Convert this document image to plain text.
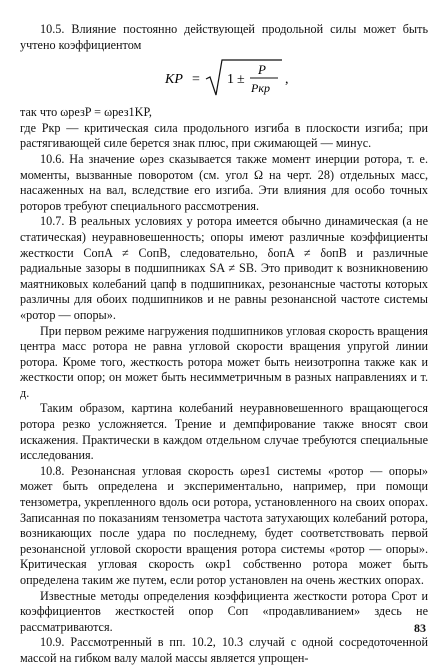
10.5. Влияние постоянно действующей продольной силы может быть учтено коэффициентом

KP = 1 ±
P
Pкр
,

так что ωрезP = ωрез1KP,

где Pкр — критическая сила продольного изгиба в плоскости изгиба; при растягивающей силе берется знак плюс, при сжимающей — минус.

10.6. На значение ωрез сказывается также момент инерции ротора, т. е. моменты, вызванные поворотом (см. угол Ω на черт. 28) отдельных масс, насаженных на вал, вследствие его изгиба. Эти влияния для особо точных роторов требуют специального рассмотрения.

10.7. В реальных условиях у ротора имеется обычно динамическая (а не статическая) неуравновешенность; опоры имеют различные коэффициенты жесткости CопA ≠ CопB, следовательно, δопA ≠ δопB и различные радиальные зазоры в подшипниках SA ≠ SB. Это приводит к возникновению маятниковых колебаний цапф в подшипниках, резонансные частоты которых различны для обоих подшипников и не равны резонансной частоте системы «ротор — опоры».

При первом режиме нагружения подшипников угловая скорость вращения центра масс ротора не равна угловой скорости вращения упругой линии ротора. Кроме того, жесткость ротора может быть неизотропна также как и жесткости опор; он может быть несимметричным в разных направлениях и т. д.

Таким образом, картина колебаний неуравновешенного вращающегося ротора резко усложняется. Трение и демпфирование также вносят свои искажения. Практически в каждом отдельном случае требуются специальные исследования.

10.8. Резонансная угловая скорость ωрез1 системы «ротор — опоры» может быть определена и экспериментально, например, при помощи тензометра, укрепленного вдоль оси ротора, установленного на своих опорах. Записанная по показаниям тензометра частота затухающих колебаний ротора, возникающих после удара по последнему, будет соответствовать первой резонансной угловой скорости вращения ротора системы «ротор — опоры». Критическая угловая скорость ωкр1 собственно ротора может быть определена таким же путем, если ротор установлен на очень жестких опорах.

Известные методы определения коэффициента жесткости ротора Cрот и коэффициентов жесткостей опор Cоп «продавливанием» здесь не рассматриваются.

10.9. Рассмотренный в пп. 10.2, 10.3 случай с одной сосредоточенной массой на гибком валу малой массы является упрощен-

83
